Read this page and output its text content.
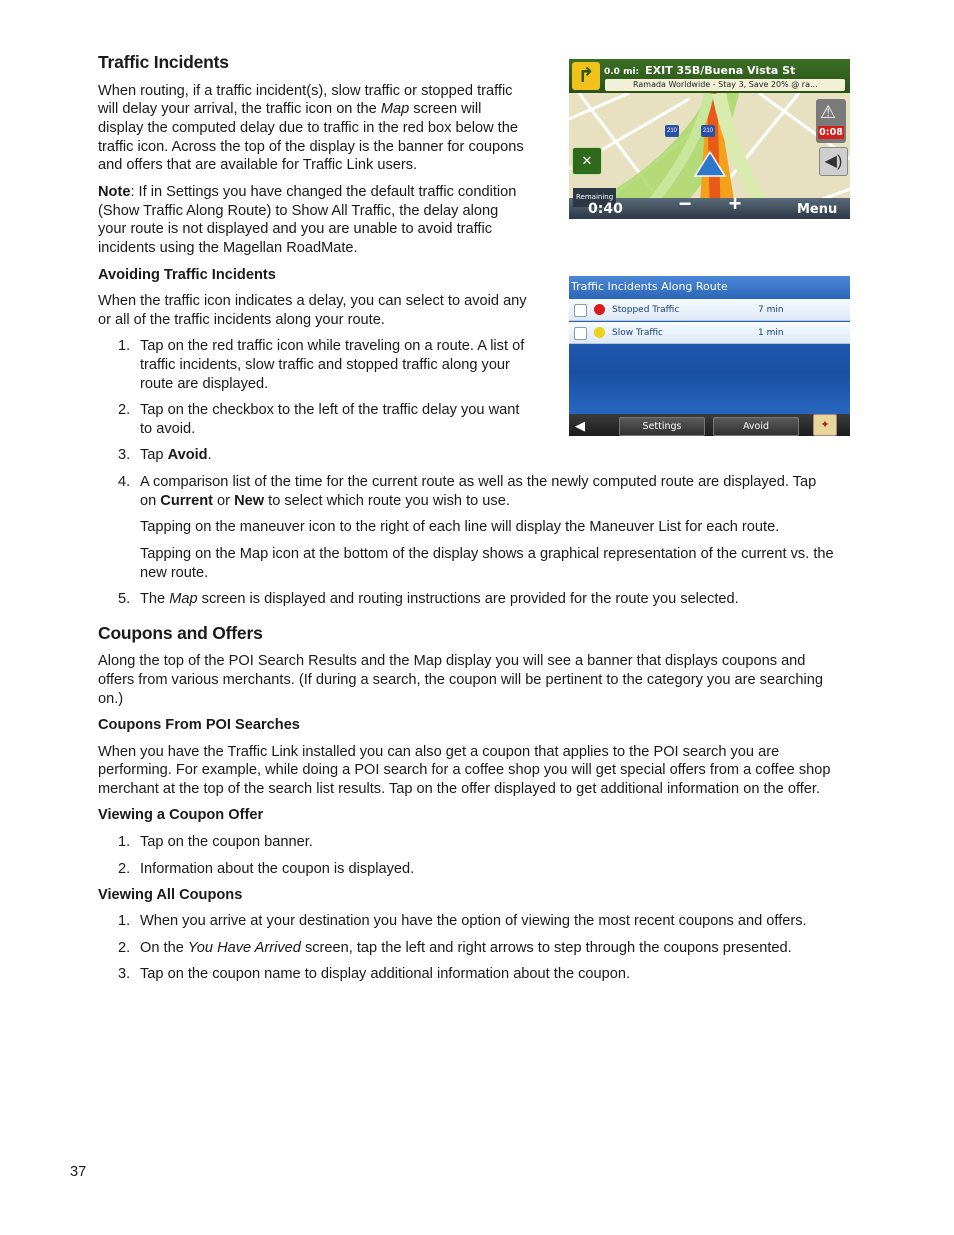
Traffic Incidents

When routing, if a traffic incident(s), slow traffic or stopped traffic

will delay your arrival, the traffic icon on the Map screen will

display the computed delay due to traffic in the red box below the

traffic icon. Across the top of the display is the banner for coupons

and offers that are available for Traffic Link users.

Note: If in Settings you have changed the default traffic condition

(Show Traffic Along Route) to Show All Traffic, the delay along

your route is not displayed and you are unable to avoid traffic

incidents using the Magellan RoadMate.

↱	0.0 mi: EXIT 35B/Buena Vista St
Ramada Worldwide - Stay 3, Save 20% @ ra...
210	210
⚠
0:08
✕	◀)
Remaining
0:40	− +	Menu
Avoiding Traffic Incidents

When the traffic icon indicates a delay, you can select to avoid any

or all of the traffic incidents along your route.

1. Tap on the red traffic icon while traveling on a route. A list of

traffic incidents, slow traffic and stopped traffic along your

route are displayed.

2. Tap on the checkbox to the left of the traffic delay you want

to avoid.

3. Tap Avoid.
4. A comparison list of the time for the current route as well as the newly computed route are displayed. Tap

on Current or New to select which route you wish to use.

Tapping on the maneuver icon to the right of each line will display the Maneuver List for each route.

Tapping on the Map icon at the bottom of the display shows a graphical representation of the current vs. the

new route.

5. The Map screen is displayed and routing instructions are provided for the route you selected.
Traffic Incidents Along Route
Stopped Traffic	7 min
Slow Traffic	1 min
◀	Settings	Avoid	✦
Coupons and Offers

Along the top of the POI Search Results and the Map display you will see a banner that displays coupons and

offers from various merchants. (If during a search, the coupon will be pertinent to the category you are searching

on.)

Coupons From POI Searches

When you have the Traffic Link installed you can also get a coupon that applies to the POI search you are

performing. For example, while doing a POI search for a coffee shop you will get special offers from a coffee shop

merchant at the top of the search list results. Tap on the offer displayed to get additional information on the offer.

Viewing a Coupon Offer
1. Tap on the coupon banner.
2. Information about the coupon is displayed.
Viewing All Coupons
1. When you arrive at your destination you have the option of viewing the most recent coupons and offers.
2. On the You Have Arrived screen, tap the left and right arrows to step through the coupons presented.
3. Tap on the coupon name to display additional information about the coupon.
37
